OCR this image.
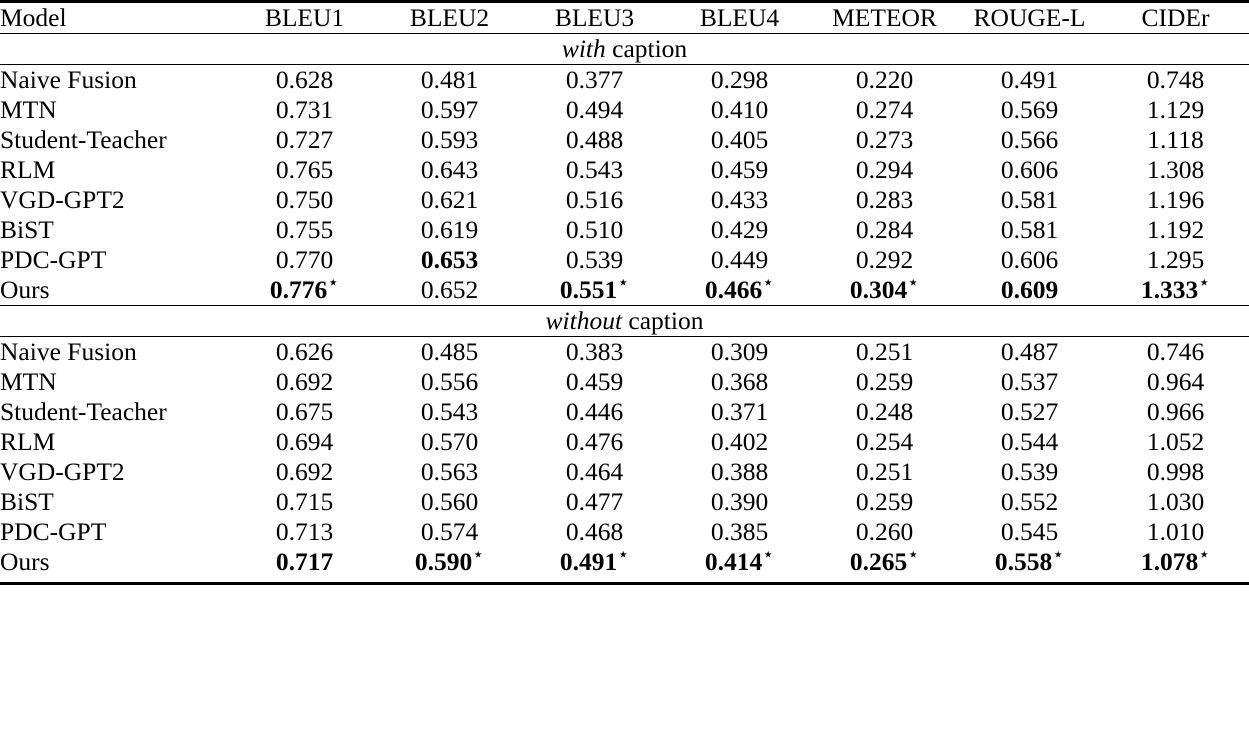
Model	BLEU1	BLEU2	BLEU3	BLEU4	METEOR	ROUGE-L	CIDEr

with caption							

Naive Fusion	0.628	0.481	0.377	0.298	0.220	0.491	0.748
MTN	0.731	0.597	0.494	0.410	0.274	0.569	1.129
Student-Teacher	0.727	0.593	0.488	0.405	0.273	0.566	1.118
RLM	0.765	0.643	0.543	0.459	0.294	0.606	1.308
VGD-GPT2	0.750	0.621	0.516	0.433	0.283	0.581	1.196
BiST	0.755	0.619	0.510	0.429	0.284	0.581	1.192
PDC-GPT	0.770	0.653	0.539	0.449	0.292	0.606	1.295
Ours	0.776⋆	0.652	0.551⋆	0.466⋆	0.304⋆	0.609	1.333⋆

without caption							

Naive Fusion	0.626	0.485	0.383	0.309	0.251	0.487	0.746
MTN	0.692	0.556	0.459	0.368	0.259	0.537	0.964
Student-Teacher	0.675	0.543	0.446	0.371	0.248	0.527	0.966
RLM	0.694	0.570	0.476	0.402	0.254	0.544	1.052
VGD-GPT2	0.692	0.563	0.464	0.388	0.251	0.539	0.998
BiST	0.715	0.560	0.477	0.390	0.259	0.552	1.030
PDC-GPT	0.713	0.574	0.468	0.385	0.260	0.545	1.010
Ours	0.717	0.590⋆	0.491⋆	0.414⋆	0.265⋆	0.558⋆	1.078⋆
